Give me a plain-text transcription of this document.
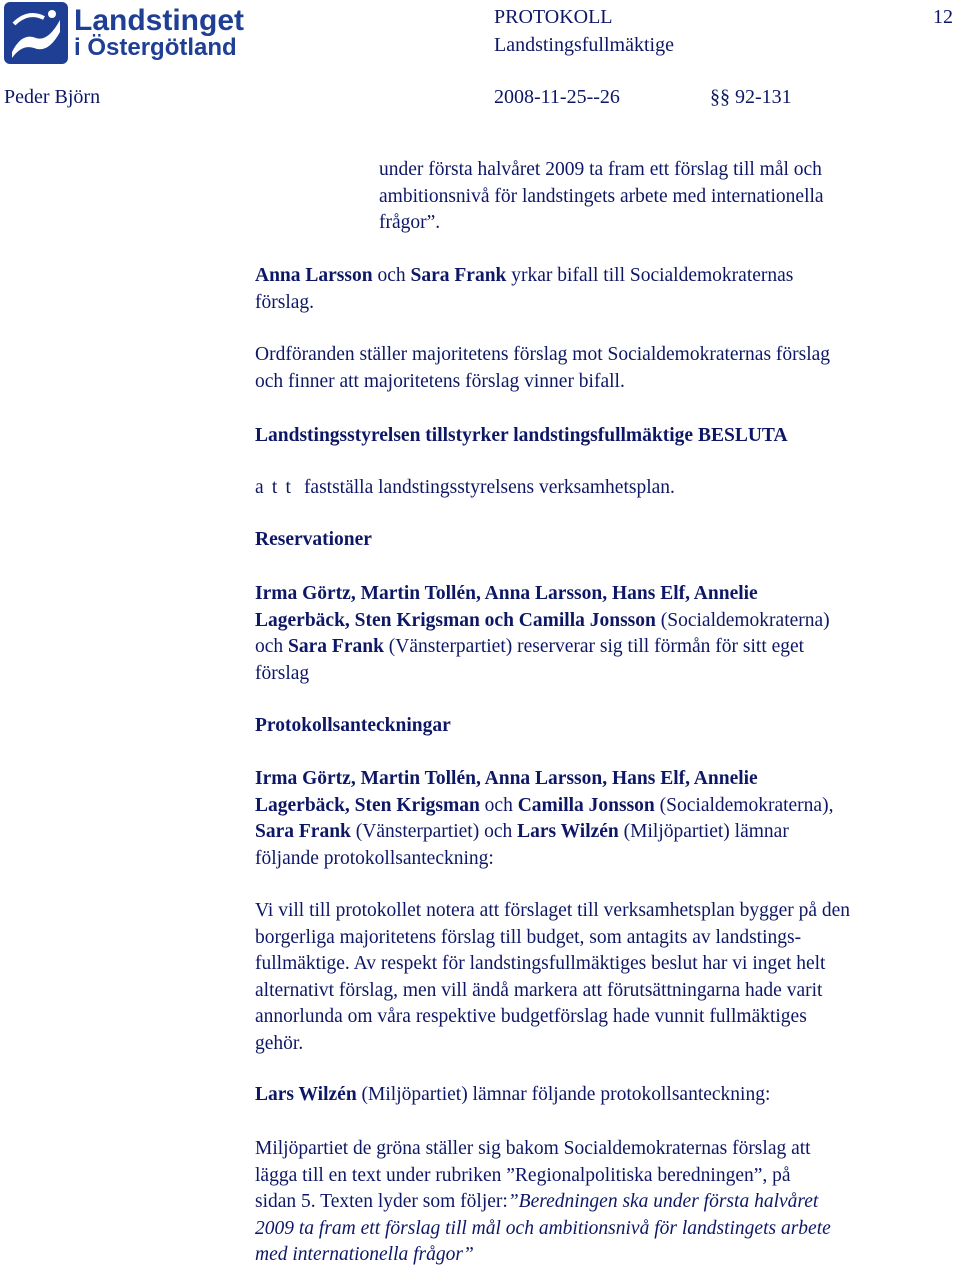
Landstinget
i Östergötland
PROTOKOLL
Landstingsfullmäktige
12
Peder Björn	2008-11-25--26	§§ 92-131
under första halvåret 2009 ta fram ett förslag till mål och
ambitionsnivå för landstingets arbete med internationella
frågor”.
Anna Larsson och Sara Frank yrkar bifall till Socialdemokraternas
förslag.
Ordföranden ställer majoritetens förslag mot Socialdemokraternas förslag
och finner att majoritetens förslag vinner bifall.
Landstingsstyrelsen tillstyrker landstingsfullmäktige BESLUTA
att fastställa landstingsstyrelsens verksamhetsplan.
Reservationer
Irma Görtz, Martin Tollén, Anna Larsson, Hans Elf, Annelie
Lagerbäck, Sten Krigsman och Camilla Jonsson (Socialdemokraterna)
och Sara Frank (Vänsterpartiet) reserverar sig till förmån för sitt eget
förslag
Protokollsanteckningar
Irma Görtz, Martin Tollén, Anna Larsson, Hans Elf, Annelie
Lagerbäck, Sten Krigsman och Camilla Jonsson (Socialdemokraterna),
Sara Frank (Vänsterpartiet) och Lars Wilzén (Miljöpartiet) lämnar
följande protokollsanteckning:
Vi vill till protokollet notera att förslaget till verksamhetsplan bygger på den
borgerliga majoritetens förslag till budget, som antagits av landstings-
fullmäktige. Av respekt för landstingsfullmäktiges beslut har vi inget helt
alternativt förslag, men vill ändå markera att förutsättningarna hade varit
annorlunda om våra respektive budgetförslag hade vunnit fullmäktiges
gehör.
Lars Wilzén (Miljöpartiet) lämnar följande protokollsanteckning:
Miljöpartiet de gröna ställer sig bakom Socialdemokraternas förslag att
lägga till en text under rubriken ”Regionalpolitiska beredningen”, på
sidan 5. Texten lyder som följer:”Beredningen ska under första halvåret
2009 ta fram ett förslag till mål och ambitionsnivå för landstingets arbete
med internationella frågor”
